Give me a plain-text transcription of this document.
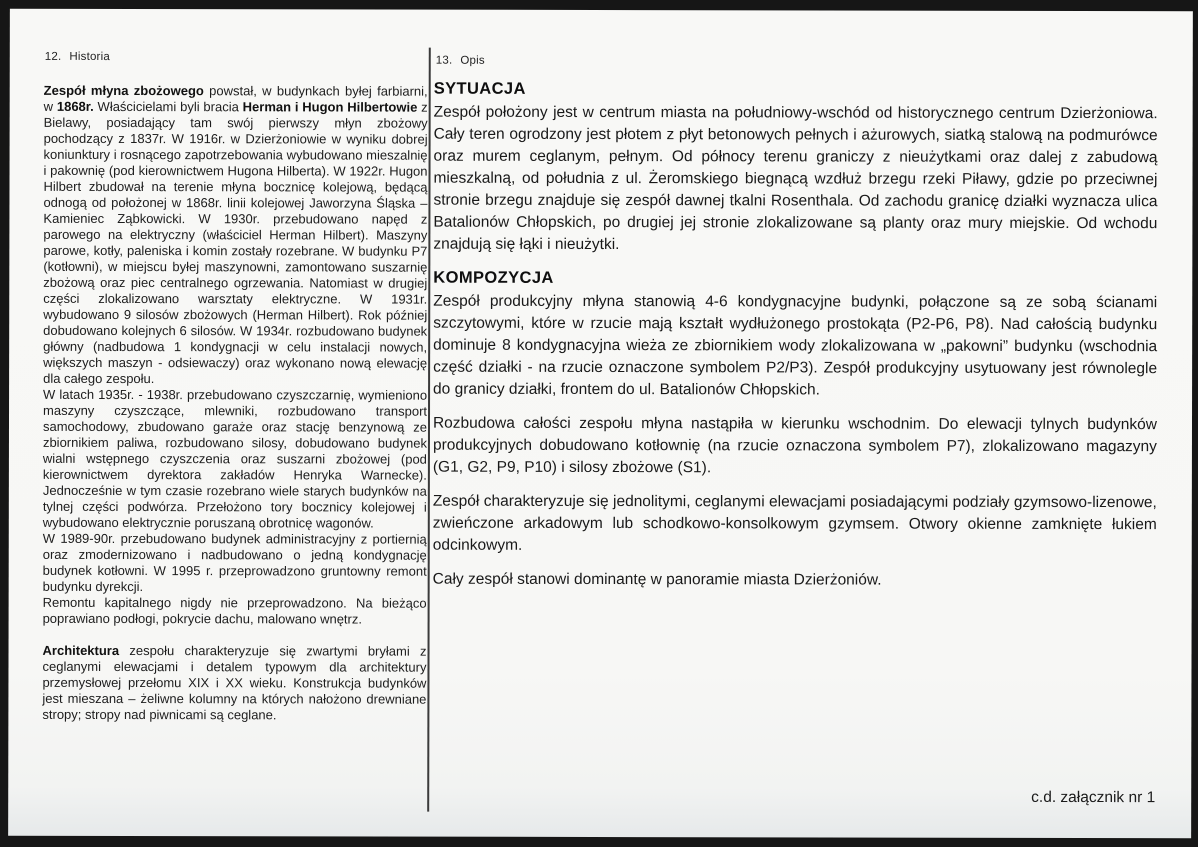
12. Historia	13. Opis

Zespół młyna zbożowego powstał, w budynkach byłej farbiarni, w 1868r. Właścicielami byli bracia Herman i Hugon Hilbertowie z Bielawy, posiadający tam swój pierwszy młyn zbożowy pochodzący z 1837r. W 1916r. w Dzierżoniowie w wyniku dobrej koniunktury i rosnącego zapotrzebowania wybudowano mieszalnię i pakownię (pod kierownictwem Hugona Hilberta). W 1922r. Hugon Hilbert zbudował na terenie młyna bocznicę kolejową, będącą odnogą od położonej w 1868r. linii kolejowej Jaworzyna Śląska – Kamieniec Ząbkowicki. W 1930r. przebudowano napęd z parowego na elektryczny (właściciel Herman Hilbert). Maszyny parowe, kotły, paleniska i komin zostały rozebrane. W budynku P7 (kotłowni), w miejscu byłej maszynowni, zamontowano suszarnię zbożową oraz piec centralnego ogrzewania. Natomiast w drugiej części zlokalizowano warsztaty elektryczne. W 1931r. wybudowano 9 silosów zbożowych (Herman Hilbert). Rok później dobudowano kolejnych 6 silosów. W 1934r. rozbudowano budynek główny (nadbudowa 1 kondygnacji w celu instalacji nowych, większych maszyn - odsiewaczy) oraz wykonano nową elewację dla całego zespołu.

W latach 1935r. - 1938r. przebudowano czyszczarnię, wymieniono maszyny czyszczące, mlewniki, rozbudowano transport samochodowy, zbudowano garaże oraz stację benzynową ze zbiornikiem paliwa, rozbudowano silosy, dobudowano budynek wialni wstępnego czyszczenia oraz suszarni zbożowej (pod kierownictwem dyrektora zakładów Henryka Warnecke). Jednocześnie w tym czasie rozebrano wiele starych budynków na tylnej części podwórza. Przełożono tory bocznicy kolejowej i wybudowano elektrycznie poruszaną obrotnicę wagonów.

W 1989-90r. przebudowano budynek administracyjny z portiernią oraz zmodernizowano i nadbudowano o jedną kondygnację budynek kotłowni. W 1995 r. przeprowadzono gruntowny remont budynku dyrekcji.

Remontu kapitalnego nigdy nie przeprowadzono. Na bieżąco poprawiano podłogi, pokrycie dachu, malowano wnętrz.

Architektura zespołu charakteryzuje się zwartymi bryłami z ceglanymi elewacjami i detalem typowym dla architektury przemysłowej przełomu XIX i XX wieku. Konstrukcja budynków jest mieszana – żeliwne kolumny na których nałożono drewniane stropy; stropy nad piwnicami są ceglane.

SYTUACJA

Zespół położony jest w centrum miasta na południowy-wschód od historycznego centrum Dzierżoniowa. Cały teren ogrodzony jest płotem z płyt betonowych pełnych i ażurowych, siatką stalową na podmurówce oraz murem ceglanym, pełnym. Od północy terenu graniczy z nieużytkami oraz dalej z zabudową mieszkalną, od południa z ul. Żeromskiego biegnącą wzdłuż brzegu rzeki Piławy, gdzie po przeciwnej stronie brzegu znajduje się zespół dawnej tkalni Rosenthala. Od zachodu granicę działki wyznacza ulica Batalionów Chłopskich, po drugiej jej stronie zlokalizowane są planty oraz mury miejskie. Od wchodu znajdują się łąki i nieużytki.

KOMPOZYCJA

Zespół produkcyjny młyna stanowią 4-6 kondygnacyjne budynki, połączone są ze sobą ścianami szczytowymi, które w rzucie mają kształt wydłużonego prostokąta (P2-P6, P8). Nad całością budynku dominuje 8 kondygnacyjna wieża ze zbiornikiem wody zlokalizowana w „pakowni” budynku (wschodnia część działki - na rzucie oznaczone symbolem P2/P3). Zespół produkcyjny usytuowany jest równolegle do granicy działki, frontem do ul. Batalionów Chłopskich.

Rozbudowa całości zespołu młyna nastąpiła w kierunku wschodnim. Do elewacji tylnych budynków produkcyjnych dobudowano kotłownię (na rzucie oznaczona symbolem P7), zlokalizowano magazyny (G1, G2, P9, P10) i silosy zbożowe (S1).

Zespół charakteryzuje się jednolitymi, ceglanymi elewacjami posiadającymi podziały gzymsowo-lizenowe, zwieńczone arkadowym lub schodkowo-konsolkowym gzymsem. Otwory okienne zamknięte łukiem odcinkowym.

Cały zespół stanowi dominantę w panoramie miasta Dzierżoniów.

c.d. załącznik nr 1
